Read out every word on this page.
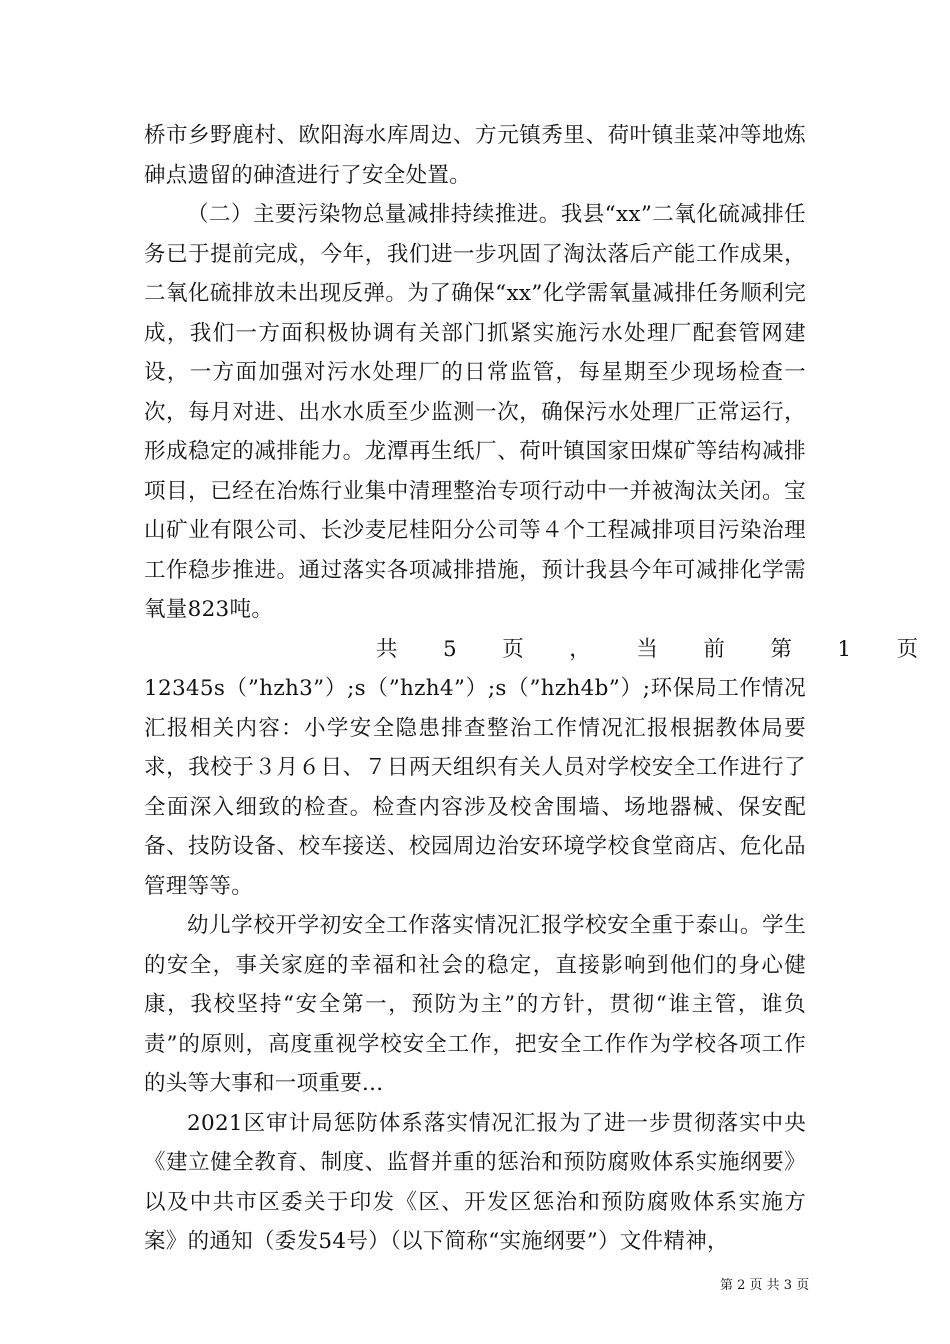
桥市乡野鹿村、欧阳海水库周边、方元镇秀里、荷叶镇韭菜冲等地炼砷点遗留的砷渣进行了安全处置。

（二）主要污染物总量减排持续推进。我县“xx”二氧化硫减排任务已于提前完成，今年，我们进一步巩固了淘汰落后产能工作成果，二氧化硫排放未出现反弹。为了确保“xx”化学需氧量减排任务顺利完成，我们一方面积极协调有关部门抓紧实施污水处理厂配套管网建设，一方面加强对污水处理厂的日常监管，每星期至少现场检查一次，每月对进、出水水质至少监测一次，确保污水处理厂正常运行，形成稳定的减排能力。龙潭再生纸厂、荷叶镇国家田煤矿等结构减排项目，已经在冶炼行业集中清理整治专项行动中一并被淘汰关闭。宝山矿业有限公司、长沙麦尼桂阳分公司等４个工程减排项目污染治理工作稳步推进。通过落实各项减排措施，预计我县今年可减排化学需氧量823吨。

共 5 页 ， 当 前 第 1 页

12345s（”hzh3”）;s（”hzh4”）;s（”hzh4b”）;环保局工作情况汇报相关内容：小学安全隐患排查整治工作情况汇报根据教体局要求，我校于３月６日、７日两天组织有关人员对学校安全工作进行了全面深入细致的检查。检查内容涉及校舍围墙、场地器械、保安配备、技防设备、校车接送、校园周边治安环境学校食堂商店、危化品管理等等。

幼儿学校开学初安全工作落实情况汇报学校安全重于泰山。学生的安全，事关家庭的幸福和社会的稳定，直接影响到他们的身心健康，我校坚持“安全第一，预防为主”的方针，贯彻“谁主管，谁负责”的原则，高度重视学校安全工作，把安全工作作为学校各项工作的头等大事和一项重要...

2021区审计局惩防体系落实情况汇报为了进一步贯彻落实中央《建立健全教育、制度、监督并重的惩治和预防腐败体系实施纲要》以及中共市区委关于印发《区、开发区惩治和预防腐败体系实施方案》的通知（委发54号）（以下简称“实施纲要”）文件精神，

第 2 页 共 3 页
